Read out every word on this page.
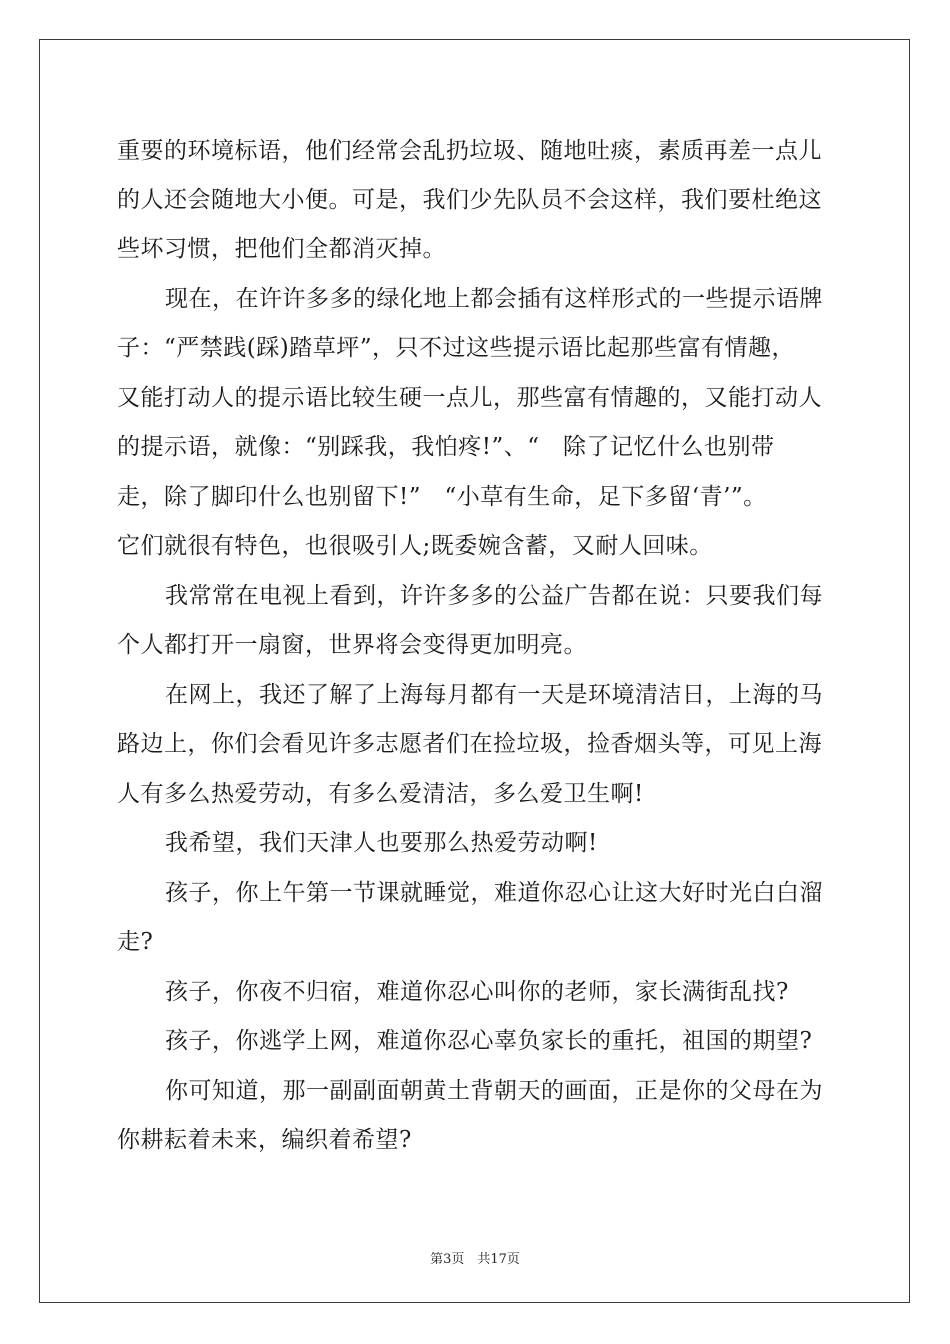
重要的环境标语，他们经常会乱扔垃圾、随地吐痰，素质再差一点儿
的人还会随地大小便。可是，我们少先队员不会这样，我们要杜绝这
些坏习惯，把他们全都消灭掉。
现在，在许许多多的绿化地上都会插有这样形式的一些提示语牌
子：“严禁践(踩)踏草坪”，只不过这些提示语比起那些富有情趣，
又能打动人的提示语比较生硬一点儿，那些富有情趣的，又能打动人
的提示语，就像：“别踩我，我怕疼!”、“　除了记忆什么也别带
走，除了脚印什么也别留下!”　“小草有生命，足下多留‘青’”。
它们就很有特色，也很吸引人;既委婉含蓄，又耐人回味。
我常常在电视上看到，许许多多的公益广告都在说：只要我们每
个人都打开一扇窗，世界将会变得更加明亮。
在网上，我还了解了上海每月都有一天是环境清洁日，上海的马
路边上，你们会看见许多志愿者们在捡垃圾，捡香烟头等，可见上海
人有多么热爱劳动，有多么爱清洁，多么爱卫生啊!
我希望，我们天津人也要那么热爱劳动啊!
孩子，你上午第一节课就睡觉，难道你忍心让这大好时光白白溜
走?
孩子，你夜不归宿，难道你忍心叫你的老师，家长满街乱找?
孩子，你逃学上网，难道你忍心辜负家长的重托，祖国的期望?
你可知道，那一副副面朝黄土背朝天的画面，正是你的父母在为
你耕耘着未来，编织着希望?
第3页　共17页
